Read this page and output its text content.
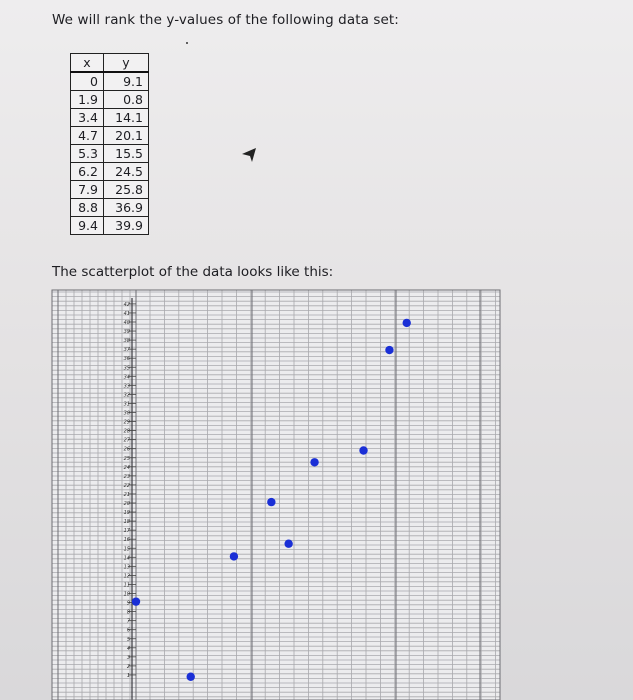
We will rank the y-values of the following data set:
x	y
0	9.1
1.9	0.8
3.4	14.1
4.7	20.1
5.3	15.5
6.2	24.5
7.9	25.8
8.8	36.9
9.4	39.9
The scatterplot of the data looks like this:
42
41
40
39
38
37
36
35
34
33
32
31
30
29
28
27
26
25
24
23
22
21
20
19
18
17
16
15
14
13
12
11
10
9
8
7
6
5
4
3
2
1
